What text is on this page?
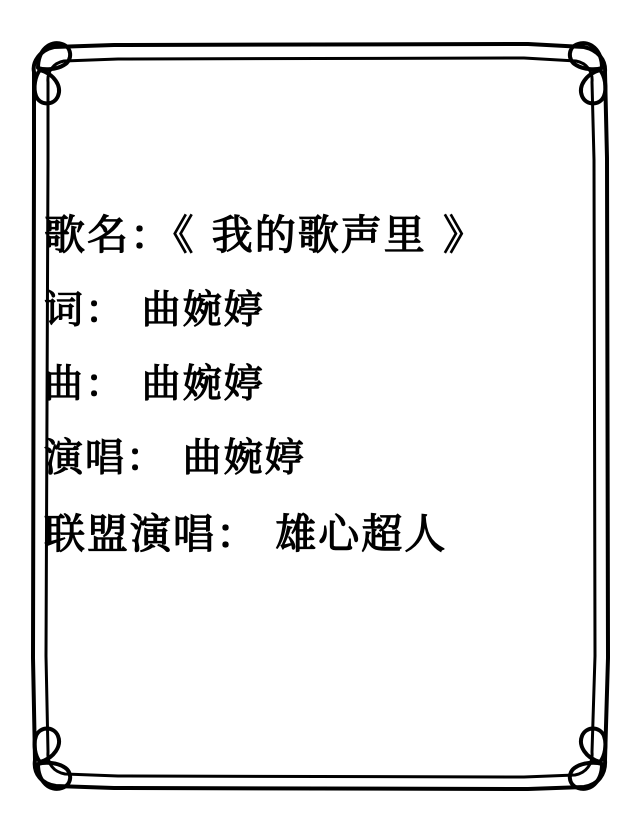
歌名：《 我的歌声里 》
词： 曲婉婷
曲： 曲婉婷
演唱： 曲婉婷
联盟演唱： 雄心超人
